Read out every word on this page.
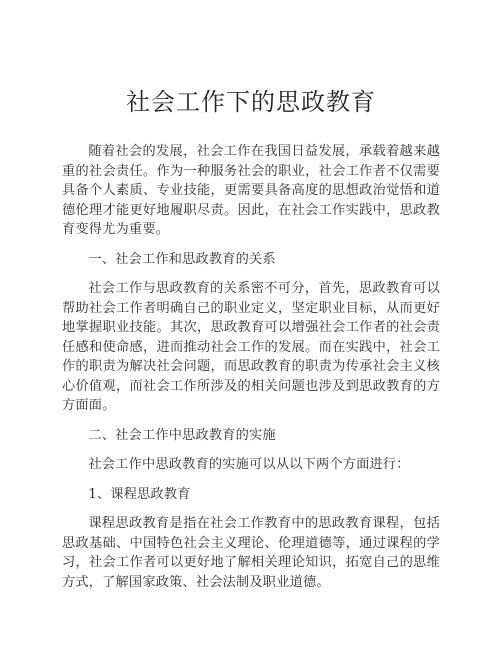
社会工作下的思政教育

随着社会的发展，社会工作在我国日益发展，承载着越来越重的社会责任。作为一种服务社会的职业，社会工作者不仅需要具备个人素质、专业技能，更需要具备高度的思想政治觉悟和道德伦理才能更好地履职尽责。因此，在社会工作实践中，思政教育变得尤为重要。

一、社会工作和思政教育的关系

社会工作与思政教育的关系密不可分，首先，思政教育可以帮助社会工作者明确自己的职业定义，坚定职业目标，从而更好地掌握职业技能。其次，思政教育可以增强社会工作者的社会责任感和使命感，进而推动社会工作的发展。而在实践中，社会工作的职责为解决社会问题，而思政教育的职责为传承社会主义核心价值观，而社会工作所涉及的相关问题也涉及到思政教育的方方面面。

二、社会工作中思政教育的实施

社会工作中思政教育的实施可以从以下两个方面进行：

1、课程思政教育

课程思政教育是指在社会工作教育中的思政教育课程，包括思政基础、中国特色社会主义理论、伦理道德等，通过课程的学习，社会工作者可以更好地了解相关理论知识，拓宽自己的思维方式，了解国家政策、社会法制及职业道德。
